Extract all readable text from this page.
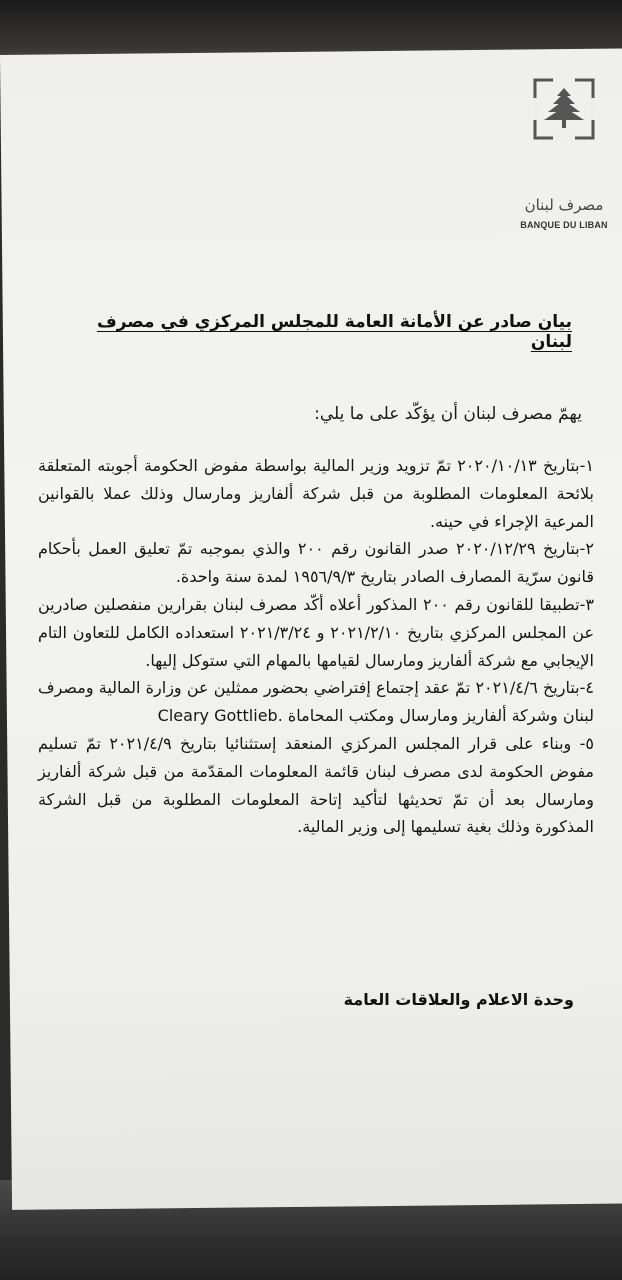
مصرف لبنان
BANQUE DU LIBAN
بيان صادر عن الأمانة العامة للمجلس المركزي في مصرف لبنان
يهمّ مصرف لبنان أن يؤكّد على ما يلي:

١-بتاريخ ٢٠٢٠/١٠/١٣ تمّ تزويد وزير المالية بواسطة مفوض الحكومة أجوبته المتعلقة بلائحة المعلومات المطلوبة من قبل شركة ألفاريز ومارسال وذلك عملا بالقوانين المرعية الإجراء في حينه.

٢-بتاريخ ٢٠٢٠/١٢/٢٩ صدر القانون رقم ٢٠٠ والذي بموجبه تمّ تعليق العمل بأحكام قانون سرّية المصارف الصادر بتاريخ ١٩٥٦/٩/٣ لمدة سنة واحدة.

٣-تطبيقا للقانون رقم ٢٠٠ المذكور أعلاه أكّد مصرف لبنان بقرارين منفصلين صادرين عن المجلس المركزي بتاريخ ٢٠٢١/٢/١٠ و ٢٠٢١/٣/٢٤ استعداده الكامل للتعاون التام الإيجابي مع شركة ألفاريز ومارسال لقيامها بالمهام التي ستوكل إليها.

٤-بتاريخ ٢٠٢١/٤/٦ تمّ عقد إجتماع إفتراضي بحضور ممثلين عن وزارة المالية ومصرف لبنان وشركة ألفاريز ومارسال ومكتب المحاماة Cleary Gottlieb.

٥- وبناء على قرار المجلس المركزي المنعقد إستثنائيا بتاريخ ٢٠٢١/٤/٩ تمّ تسليم مفوض الحكومة لدى مصرف لبنان قائمة المعلومات المقدّمة من قبل شركة ألفاريز ومارسال بعد أن تمّ تحديثها لتأكيد إتاحة المعلومات المطلوبة من قبل الشركة المذكورة وذلك بغية تسليمها إلى وزير المالية.

وحدة الاعلام والعلاقات العامة
